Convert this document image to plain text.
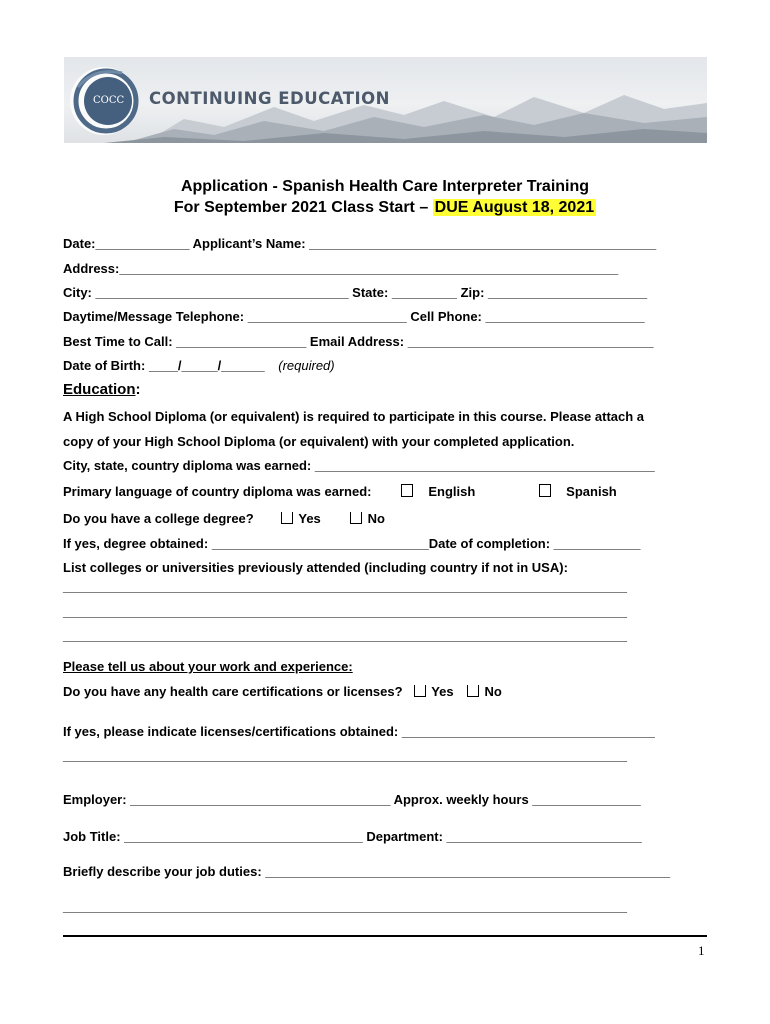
COCC CONTINUING EDUCATION
Application - Spanish Health Care Interpreter Training
For September 2021 Class Start – DUE August 18, 2021
Date:_____________ Applicant’s Name: ________________________________________________
Address:_____________________________________________________________________
City: ___________________________________ State: _________ Zip: ______________________
Daytime/Message Telephone: ______________________ Cell Phone: ______________________
Best Time to Call: __________________ Email Address: __________________________________
Date of Birth: ____/_____/______ (required)
Education:
A High School Diploma (or equivalent) is required to participate in this course. Please attach a
copy of your High School Diploma (or equivalent) with your completed application.
City, state, country diploma was earned: _______________________________________________
Primary language of country diploma was earned:	English	Spanish
Do you have a college degree?	Yes	No
If yes, degree obtained: ______________________________Date of completion: ____________
List colleges or universities previously attended (including country if not in USA):
______________________________________________________________________________
______________________________________________________________________________
______________________________________________________________________________
Please tell us about your work and experience:
Do you have any health care certifications or licenses? Yes No
If yes, please indicate licenses/certifications obtained: ___________________________________
______________________________________________________________________________
Employer: ____________________________________ Approx. weekly hours _______________
Job Title: _________________________________ Department: ___________________________
Briefly describe your job duties: ________________________________________________________
______________________________________________________________________________
1
